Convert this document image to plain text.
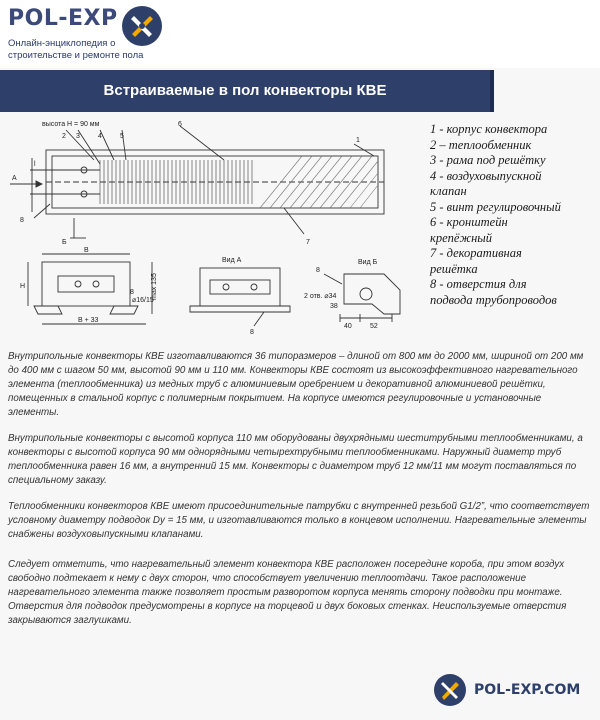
POL-EXP
Онлайн-энциклопедия о
строительстве и ремонте пола
Встраиваемые в пол конвекторы КВЕ
высота H = 90 мм
2 3	4	5
6
1
7
8
l
А
Б
B
H	max 135
⌀16/15
B + 33
8
Вид А
8
Вид Б
8
2 отв. ⌀34
38
40	52
1 - корпус конвектора
2 – теплообменник
3 - рама под решётку
4 - воздуховыпускной
клапан
5 - винт регулировочный
6 - кронштейн
крепёжный
7 - декоративная
решётка
8 - отверстия для
подвода трубопроводов

Внутрипольные конвекторы КВЕ изготавливаются 36 типоразмеров – длиной от 800 мм до 2000 мм, шириной от 200 мм до 400 мм с шагом 50 мм, высотой 90 мм и 110 мм. Конвекторы КВЕ состоят из высокоэффективного нагревательного элемента (теплообменника) из медных труб с алюминиевым оребрением и декоративной алюминиевой решётки, помещенных в стальной корпус с полимерным покрытием. На корпусе имеются регулировочные и установочные элементы.

Внутрипольные конвекторы с высотой корпуса 110 мм оборудованы двухрядными шеститрубными теплообменниками, а конвекторы с высотой корпуса 90 мм однорядными четырехтрубными теплообменниками. Наружный диаметр труб теплообменника равен 16 мм, а внутренний 15 мм. Конвекторы с диаметром труб 12 мм/11 мм могут поставляться по специальному заказу.

Теплообменники конвекторов КВЕ имеют присоединительные патрубки с внутренней резьбой G1/2”, что соответствует условному диаметру подводок Dy = 15 мм, и изготавливаются только в концевом исполнении. Нагревательные элементы снабжены воздуховыпускными клапанами.

Следует отметить, что нагревательный элемент конвектора КВЕ расположен посередине короба, при этом воздух свободно подтекает к нему с двух сторон, что способствует увеличению теплоотдачи. Такое расположение нагревательного элемента также позволяет простым разворотом корпуса менять сторону подводки при монтаже. Отверстия для подводок предусмотрены в корпусе на торцевой и двух боковых стенках. Неиспользуемые отверстия закрываются заглушками.

POL-EXP.COM
